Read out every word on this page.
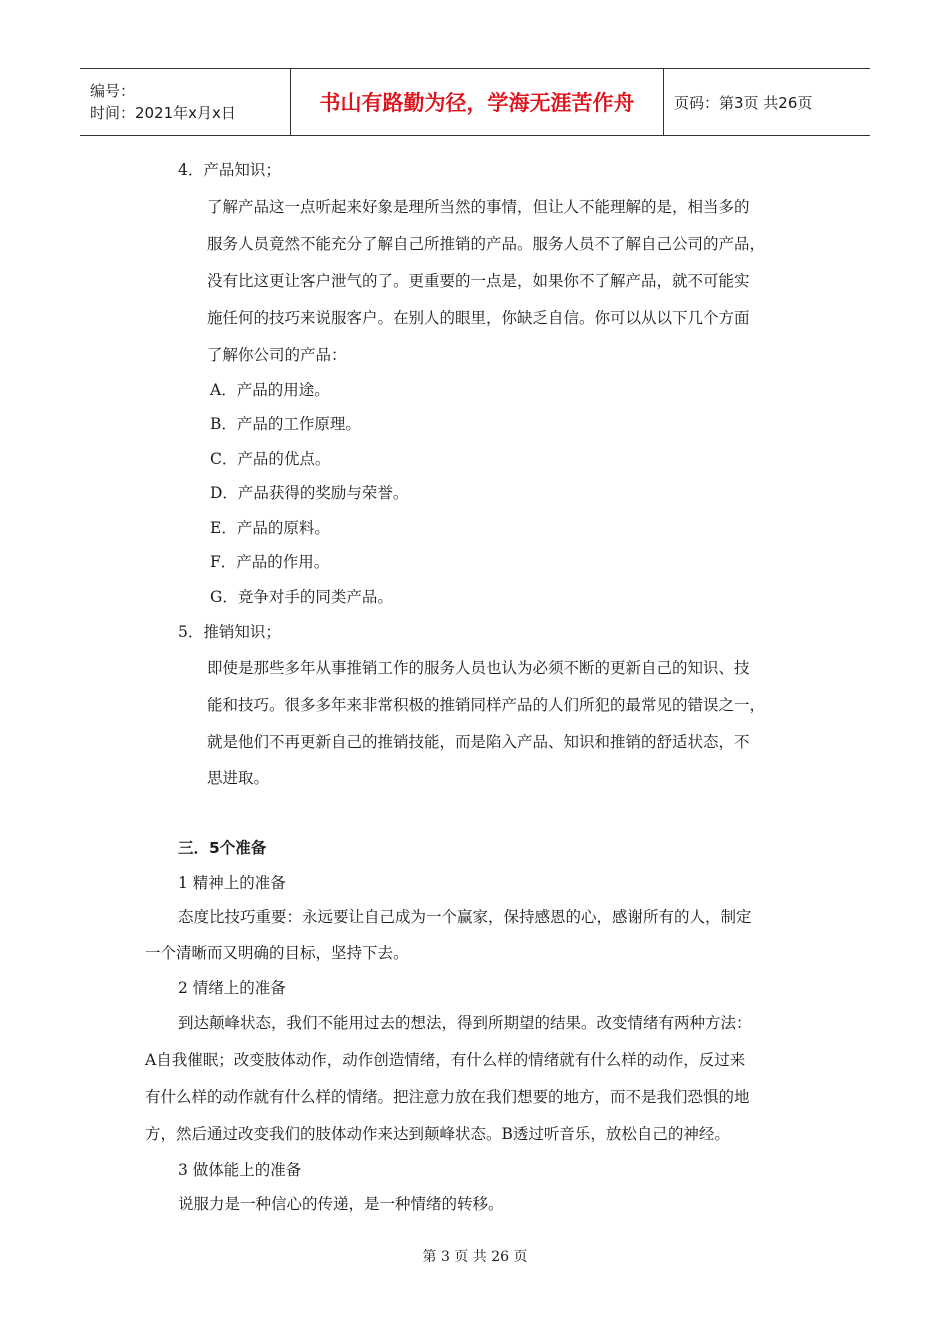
编号：
时间：2021年x月x日	书山有路勤为径，学海无涯苦作舟	页码：第3页 共26页
4．产品知识；
了解产品这一点听起来好象是理所当然的事情，但让人不能理解的是，相当多的
服务人员竟然不能充分了解自己所推销的产品。服务人员不了解自己公司的产品，
没有比这更让客户泄气的了。更重要的一点是，如果你不了解产品，就不可能实
施任何的技巧来说服客户。在别人的眼里，你缺乏自信。你可以从以下几个方面
了解你公司的产品：
A．产品的用途。
B．产品的工作原理。
C．产品的优点。
D．产品获得的奖励与荣誉。
E．产品的原料。
F．产品的作用。
G．竞争对手的同类产品。
5．推销知识；
即使是那些多年从事推销工作的服务人员也认为必须不断的更新自己的知识、技
能和技巧。很多多年来非常积极的推销同样产品的人们所犯的最常见的错误之一，
就是他们不再更新自己的推销技能，而是陷入产品、知识和推销的舒适状态，不
思进取。
三．5个准备
1 精神上的准备
态度比技巧重要：永远要让自己成为一个赢家，保持感恩的心，感谢所有的人，制定
一个清晰而又明确的目标，坚持下去。
2 情绪上的准备
到达颠峰状态，我们不能用过去的想法，得到所期望的结果。改变情绪有两种方法：
A自我催眠；改变肢体动作，动作创造情绪，有什么样的情绪就有什么样的动作，反过来
有什么样的动作就有什么样的情绪。把注意力放在我们想要的地方，而不是我们恐惧的地
方，然后通过改变我们的肢体动作来达到颠峰状态。B透过听音乐，放松自己的神经。
3 做体能上的准备
说服力是一种信心的传递，是一种情绪的转移。
第 3 页 共 26 页
